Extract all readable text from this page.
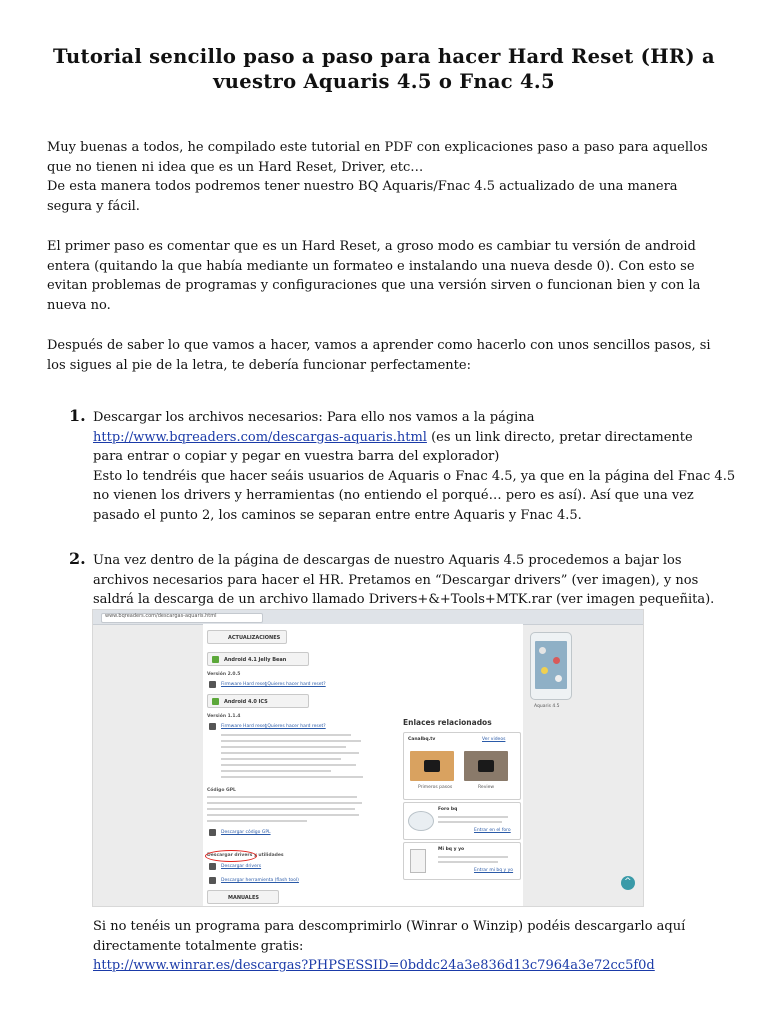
Tutorial sencillo paso a paso para hacer Hard Reset (HR) a
vuestro Aquaris 4.5 o Fnac 4.5
Muy buenas a todos, he compilado este tutorial en PDF con explicaciones paso a paso para aquellos
que no tienen ni idea que es un Hard Reset, Driver, etc…
De esta manera todos podremos tener nuestro BQ Aquaris/Fnac 4.5 actualizado de una manera
segura y fácil.
El primer paso es comentar que es un Hard Reset, a groso modo es cambiar tu versión de android
entera (quitando la que había mediante un formateo e instalando una nueva desde 0). Con esto se
evitan problemas de programas y configuraciones que una versión sirven o funcionan bien y con la
nueva no.
Después de saber lo que vamos a hacer, vamos a aprender como hacerlo con unos sencillos pasos, si
los sigues al pie de la letra, te debería funcionar perfectamente:
1. Descargar los archivos necesarios: Para ello nos vamos a la página
http://www.bqreaders.com/descargas-aquaris.html (es un link directo, pretar directamente
para entrar o copiar y pegar en vuestra barra del explorador)
Esto lo tendréis que hacer seáis usuarios de Aquaris o Fnac 4.5, ya que en la página del Fnac 4.5
no vienen los drivers y herramientas (no entiendo el porqué… pero es así). Así que una vez
pasado el punto 2, los caminos se separan entre entre Aquaris y Fnac 4.5.
2. Una vez dentro de la página de descargas de nuestro Aquaris 4.5 procedemos a bajar los
archivos necesarios para hacer el HR. Pretamos en “Descargar drivers” (ver imagen), y nos
saldrá la descarga de un archivo llamado Drivers+&+Tools+MTK.rar (ver imagen pequeñita).
www.bqreaders.com/descargas-aquaris.html
ACTUALIZACIONES
Android 4.1 Jelly Bean
Versión 2.0.5
Firmware Hard reset
¿Quieres hacer hard reset?
Android 4.0 ICS
Versión 1.1.4
Firmware Hard reset
¿Quieres hacer hard reset?
Código GPL
Descargar código GPL
Descargar drivers y utilidades
Descargar drivers
Descargar herramienta (flash tool)
MANUALES
Aquaris 4.5
Enlaces relacionados
Canalbq.tv	Ver videos
Primeros pasos	Review
Foro bq
Entrar en el foro
Mi bq y yo
Entrar mi bq y yo
^
Si no tenéis un programa para descomprimirlo (Winrar o Winzip) podéis descargarlo aquí
directamente totalmente gratis:
http://www.winrar.es/descargas?PHPSESSID=0bddc24a3e836d13c7964a3e72cc5f0d
